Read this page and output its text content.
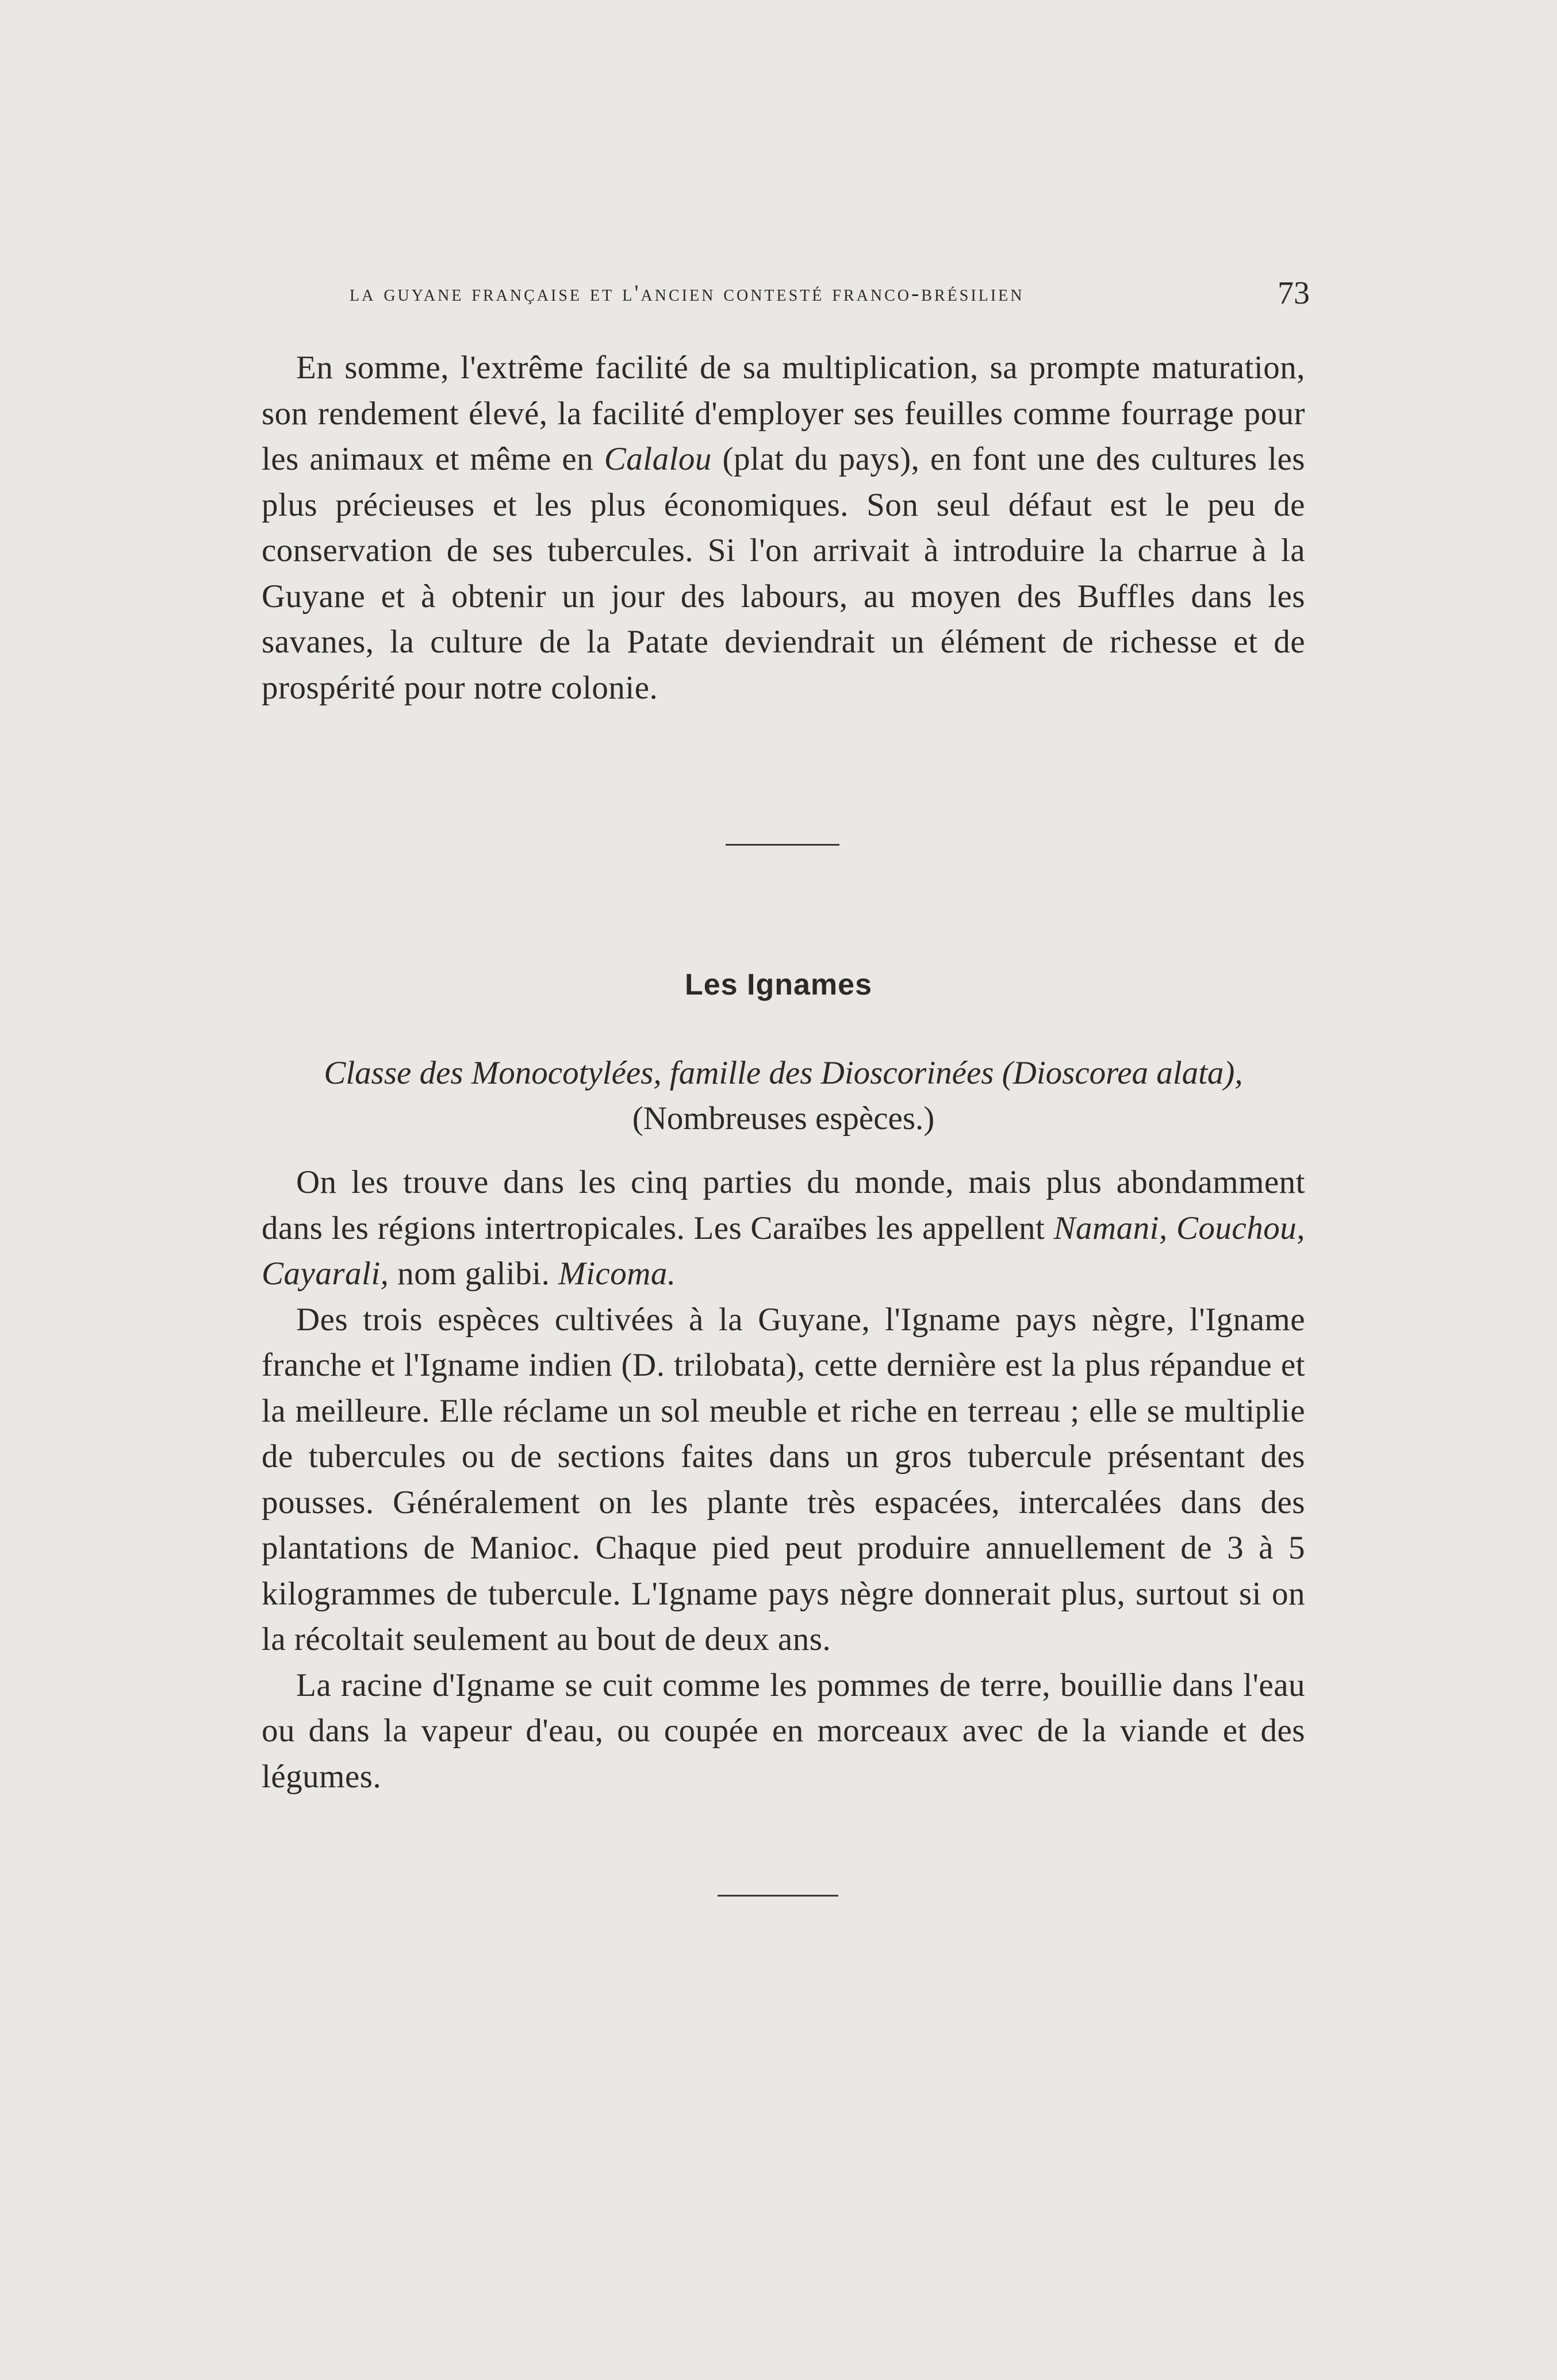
la guyane française et l'ancien contesté franco-brésilien	73

En somme, l'extrême facilité de sa multiplication, sa prompte maturation, son rendement élevé, la facilité d'employer ses feuilles comme fourrage pour les animaux et même en Calalou (plat du pays), en font une des cultures les plus précieuses et les plus économiques. Son seul défaut est le peu de conservation de ses tubercules. Si l'on arrivait à introduire la charrue à la Guyane et à obtenir un jour des labours, au moyen des Buffles dans les savanes, la culture de la Patate deviendrait un élément de richesse et de prospérité pour notre colonie.

Les Ignames
Classe des Monocotylées, famille des Dioscorinées (Dioscorea alata),
(Nombreuses espèces.)

On les trouve dans les cinq parties du monde, mais plus abondamment dans les régions intertropicales. Les Caraïbes les appellent Namani, Couchou, Cayarali, nom galibi. Micoma.

Des trois espèces cultivées à la Guyane, l'Igname pays nègre, l'Igname franche et l'Igname indien (D. trilobata), cette dernière est la plus répandue et la meilleure. Elle réclame un sol meuble et riche en terreau ; elle se multiplie de tubercules ou de sections faites dans un gros tubercule présentant des pousses. Généralement on les plante très espacées, intercalées dans des plantations de Manioc. Chaque pied peut produire annuellement de 3 à 5 kilogrammes de tubercule. L'Igname pays nègre donnerait plus, surtout si on la récoltait seulement au bout de deux ans.

La racine d'Igname se cuit comme les pommes de terre, bouillie dans l'eau ou dans la vapeur d'eau, ou coupée en morceaux avec de la viande et des légumes.
